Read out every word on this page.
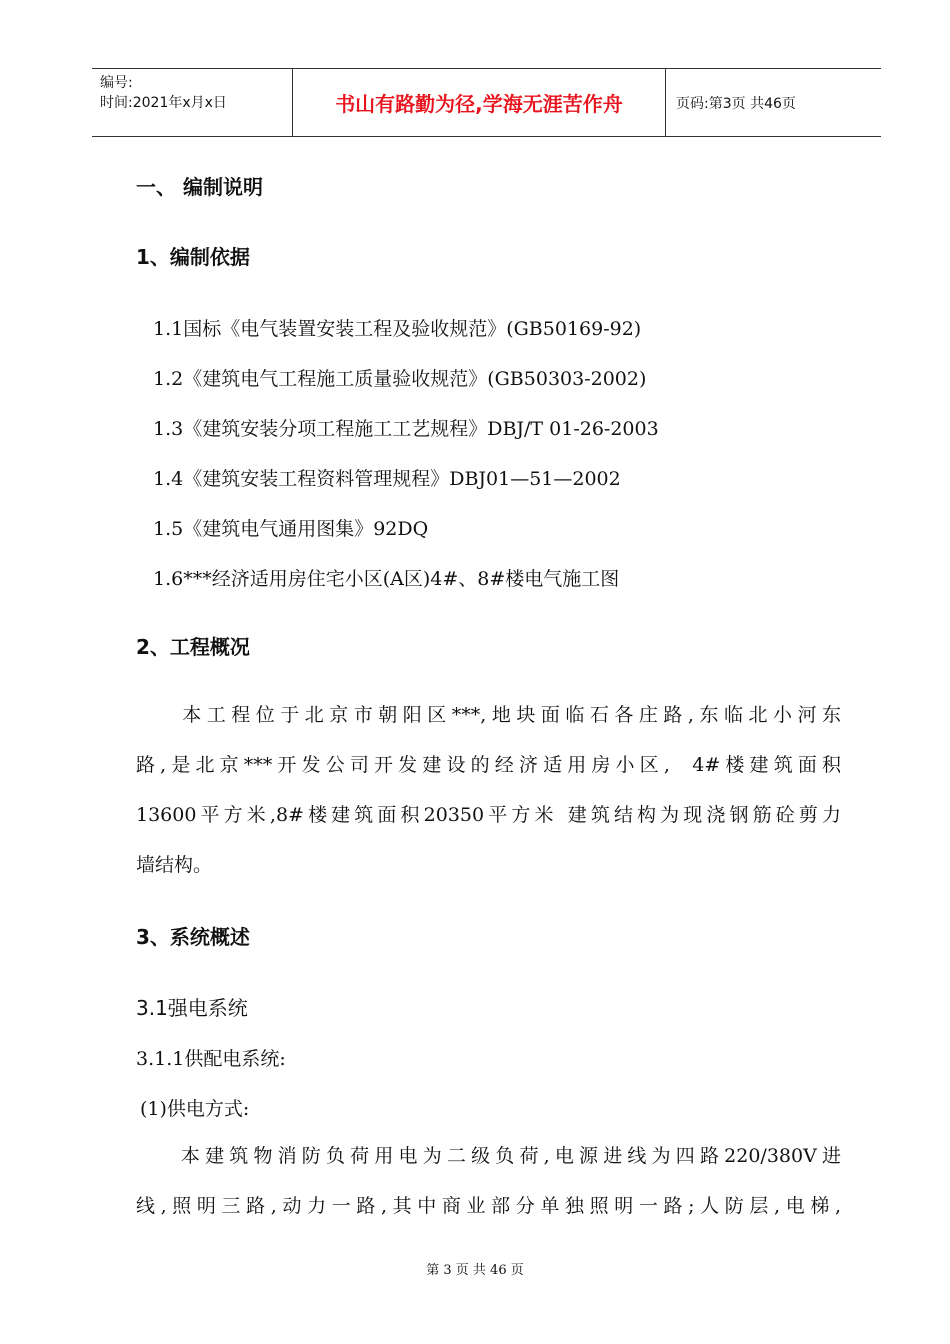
编号:
时间:2021年x月x日	书山有路勤为径,学海无涯苦作舟	页码:第3页 共46页
一、 编制说明
1、编制依据
1.1国标《电气装置安装工程及验收规范》(GB50169-92)
1.2《建筑电气工程施工质量验收规范》(GB50303-2002)
1.3《建筑安装分项工程施工工艺规程》DBJ/T 01-26-2003
1.4《建筑安装工程资料管理规程》DBJ01—51—2002
1.5《建筑电气通用图集》92DQ
1.6***经济适用房住宅小区(A区)4#、8#楼电气施工图
2、工程概况

本工程位于北京市朝阳区***,地块面临石各庄路,东临北小河东

路,是北京***开发公司开发建设的经济适用房小区,  4#楼建筑面积

13600平方米,8#楼建筑面积20350平方米 建筑结构为现浇钢筋砼剪力

墙结构。

3、系统概述
3.1强电系统
3.1.1供配电系统:
(1)供电方式:

本建筑物消防负荷用电为二级负荷,电源进线为四路220/380V进

线,照明三路,动力一路,其中商业部分单独照明一路;人防层,电梯,

第 3 页 共 46 页
